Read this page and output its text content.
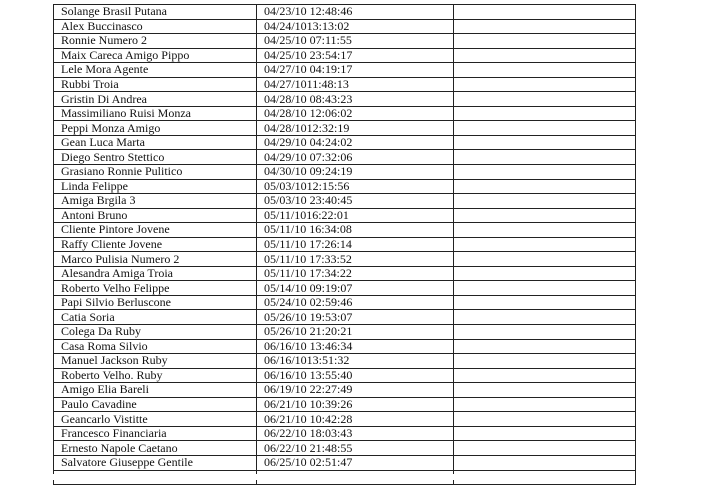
Solange Brasil Putana	04/23/10 12:48:46	
Alex Buccinasco	04/24/1013:13:02	
Ronnie Numero 2	04/25/10 07:11:55	
Maix Careca Amigo Pippo	04/25/10 23:54:17	
Lele Mora Agente	04/27/10 04:19:17	
Rubbi Troia	04/27/1011:48:13	
Gristin Di Andrea	04/28/10 08:43:23	
Massimiliano Ruisi Monza	04/28/10 12:06:02	
Peppi Monza Amigo	04/28/1012:32:19	
Gean Luca Marta	04/29/10 04:24:02	
Diego Sentro Stettico	04/29/10 07:32:06	
Grasiano Ronnie Pulitico	04/30/10 09:24:19	
Linda Felippe	05/03/1012:15:56	
Amiga Brgila 3	05/03/10 23:40:45	
Antoni Bruno	05/11/1016:22:01	
Cliente Pintore Jovene	05/11/10 16:34:08	
Raffy Cliente Jovene	05/11/10 17:26:14	
Marco Pulisia Numero 2	05/11/10 17:33:52	
Alesandra Amiga Troia	05/11/10 17:34:22	
Roberto Velho Felippe	05/14/10 09:19:07	
Papi Silvio Berluscone	05/24/10 02:59:46	
Catia Soria	05/26/10 19:53:07	
Colega Da Ruby	05/26/10 21:20:21	
Casa Roma Silvio	06/16/10 13:46:34	
Manuel Jackson Ruby	06/16/1013:51:32	
Roberto Velho. Ruby	06/16/10 13:55:40	
Amigo Elia Bareli	06/19/10 22:27:49	
Paulo Cavadine	06/21/10 10:39:26	
Geancarlo Vistitte	06/21/10 10:42:28	
Francesco Financiaria	06/22/10 18:03:43	
Ernesto Napole Caetano	06/22/10 21:48:55	
Salvatore Giuseppe Gentile	06/25/10 02:51:47	
